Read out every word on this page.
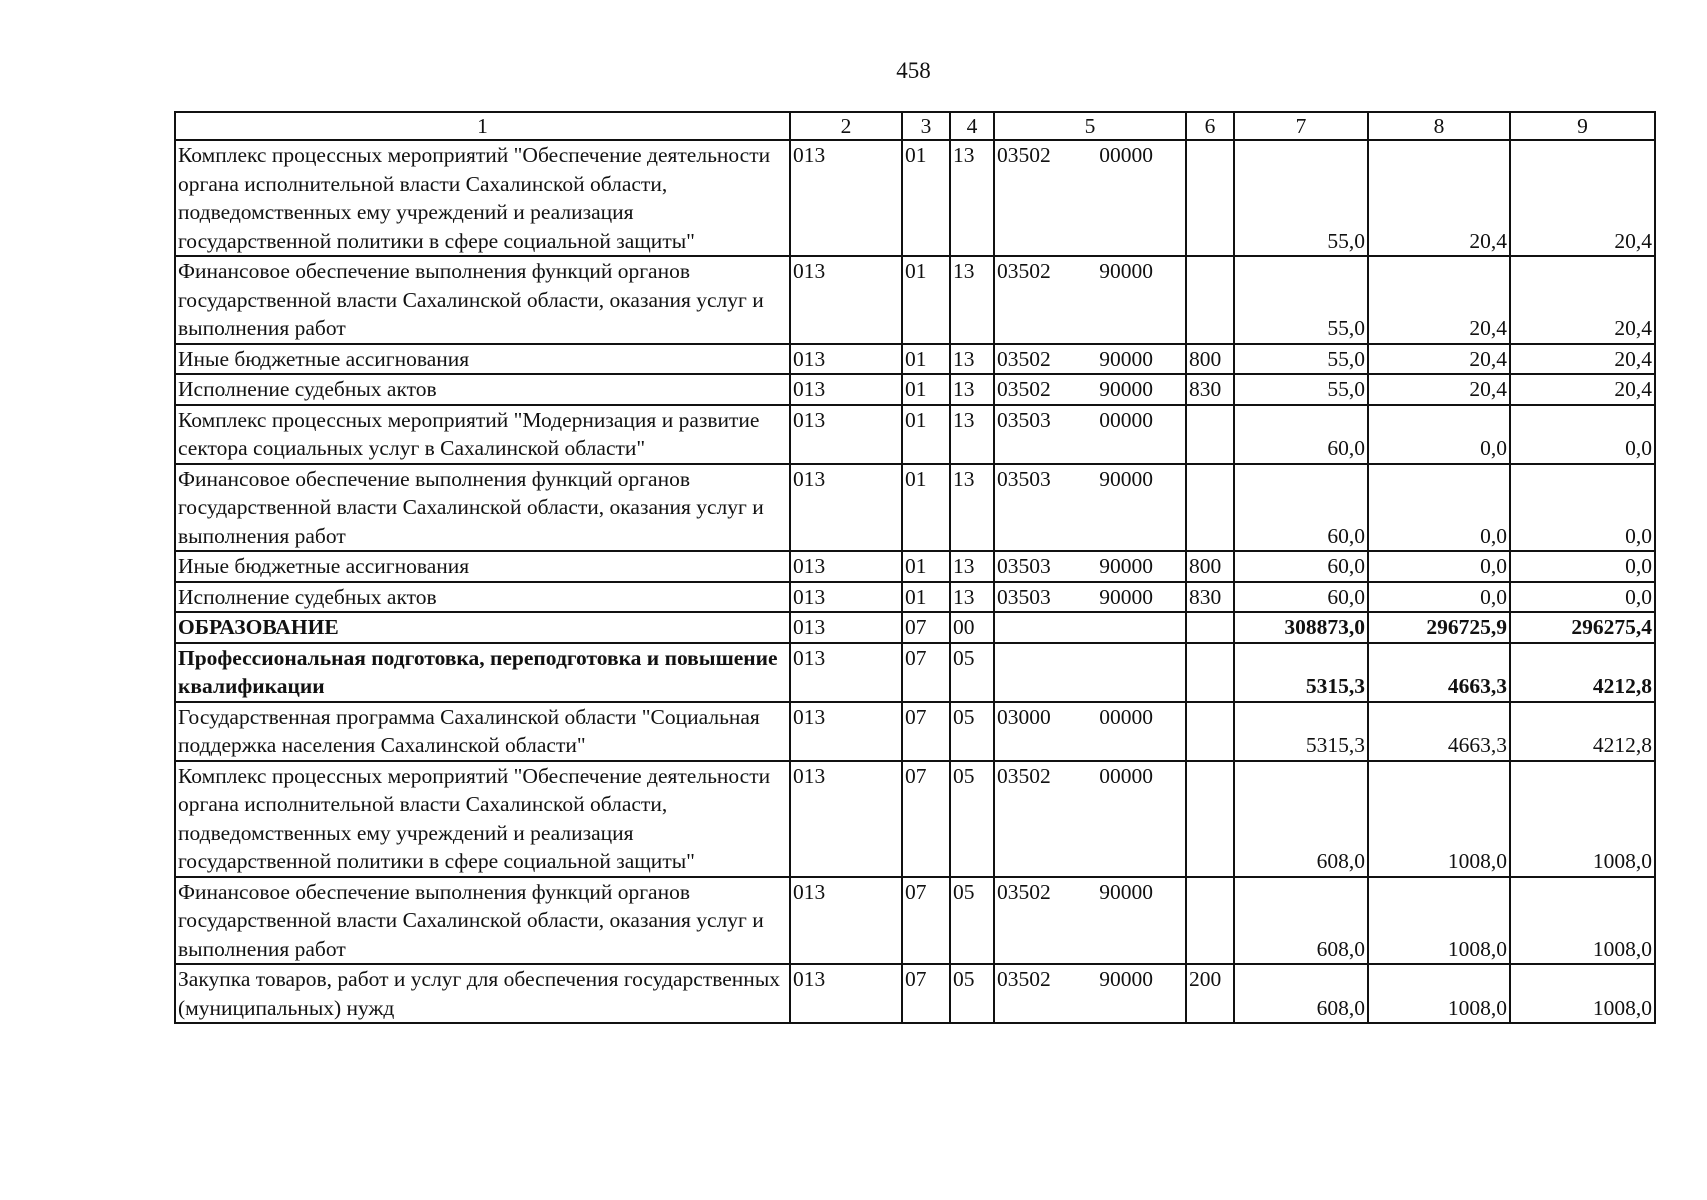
458
1	2	3	4	5	6	7	8	9
Комплекс процессных мероприятий "Обеспечение деятельности органа исполнительной власти Сахалинской области, подведомственных ему учреждений и реализация государственной политики в сфере социальной защиты"	013	01	13	03502 00000		55,0	20,4	20,4
Финансовое обеспечение выполнения функций органов государственной власти Сахалинской области, оказания услуг и выполнения работ	013	01	13	03502 90000		55,0	20,4	20,4
Иные бюджетные ассигнования	013	01	13	03502 90000	800	55,0	20,4	20,4
Исполнение судебных актов	013	01	13	03502 90000	830	55,0	20,4	20,4
Комплекс процессных мероприятий "Модернизация и развитие сектора социальных услуг в Сахалинской области"	013	01	13	03503 00000		60,0	0,0	0,0
Финансовое обеспечение выполнения функций органов государственной власти Сахалинской области, оказания услуг и выполнения работ	013	01	13	03503 90000		60,0	0,0	0,0
Иные бюджетные ассигнования	013	01	13	03503 90000	800	60,0	0,0	0,0
Исполнение судебных актов	013	01	13	03503 90000	830	60,0	0,0	0,0
ОБРАЗОВАНИЕ	013	07	00			308873,0	296725,9	296275,4
Профессиональная подготовка, переподготовка и повышение квалификации	013	07	05			5315,3	4663,3	4212,8
Государственная программа Сахалинской области "Социальная поддержка населения Сахалинской области"	013	07	05	03000 00000		5315,3	4663,3	4212,8
Комплекс процессных мероприятий "Обеспечение деятельности органа исполнительной власти Сахалинской области, подведомственных ему учреждений и реализация государственной политики в сфере социальной защиты"	013	07	05	03502 00000		608,0	1008,0	1008,0
Финансовое обеспечение выполнения функций органов государственной власти Сахалинской области, оказания услуг и выполнения работ	013	07	05	03502 90000		608,0	1008,0	1008,0
Закупка товаров, работ и услуг для обеспечения государственных (муниципальных) нужд	013	07	05	03502 90000	200	608,0	1008,0	1008,0
